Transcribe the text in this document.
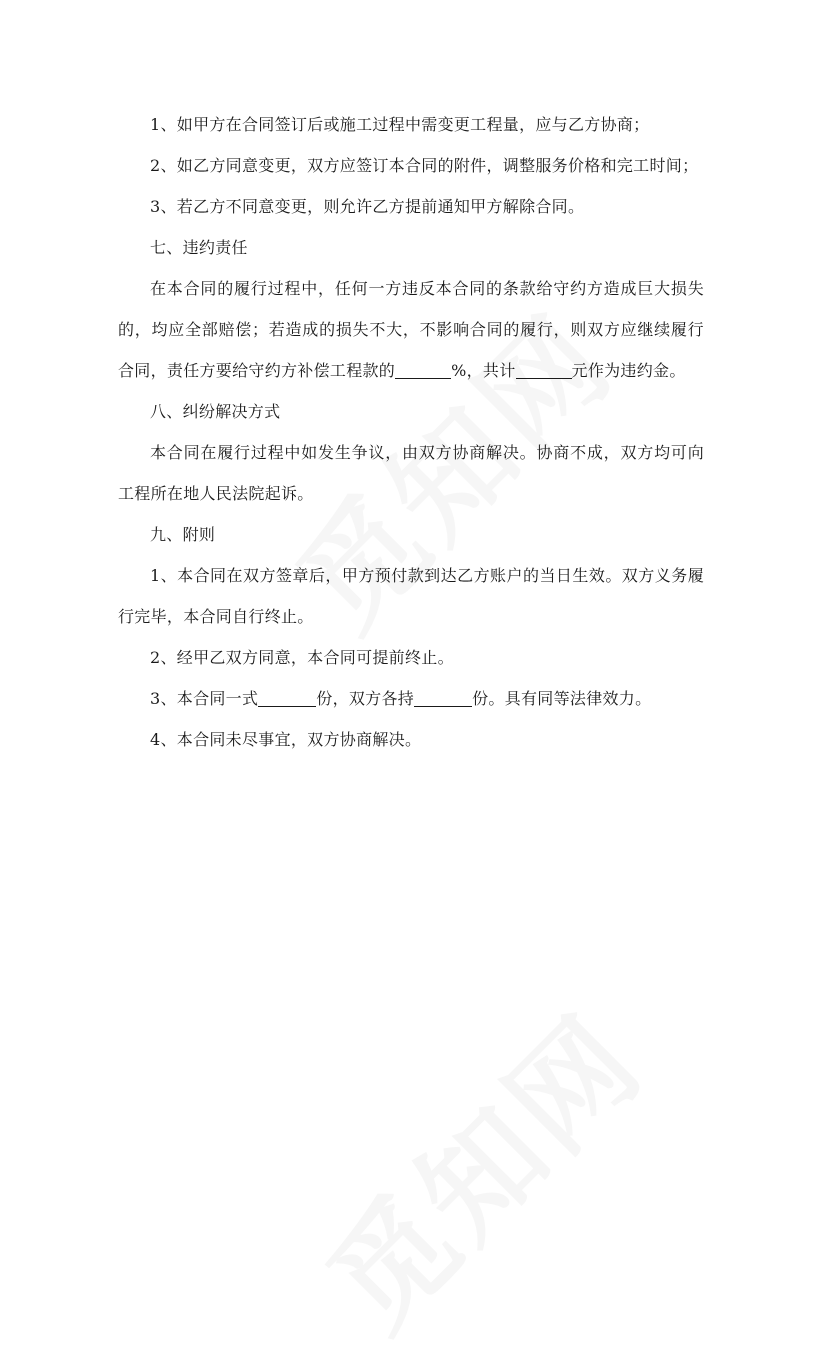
1、如甲方在合同签订后或施工过程中需变更工程量，应与乙方协商；

2、如乙方同意变更，双方应签订本合同的附件，调整服务价格和完工时间；

3、若乙方不同意变更，则允许乙方提前通知甲方解除合同。

七、违约责任

在本合同的履行过程中，任何一方违反本合同的条款给守约方造成巨大损失的，均应全部赔偿；若造成的损失不大，不影响合同的履行，则双方应继续履行合同，责任方要给守约方补偿工程款的	%，共计	元作为违约金。

八、纠纷解决方式

本合同在履行过程中如发生争议，由双方协商解决。协商不成，双方均可向工程所在地人民法院起诉。

九、附则

1、本合同在双方签章后，甲方预付款到达乙方账户的当日生效。双方义务履行完毕，本合同自行终止。

2、经甲乙双方同意，本合同可提前终止。

3、本合同一式	份，双方各持	份。具有同等法律效力。

4、本合同未尽事宜，双方协商解决。
